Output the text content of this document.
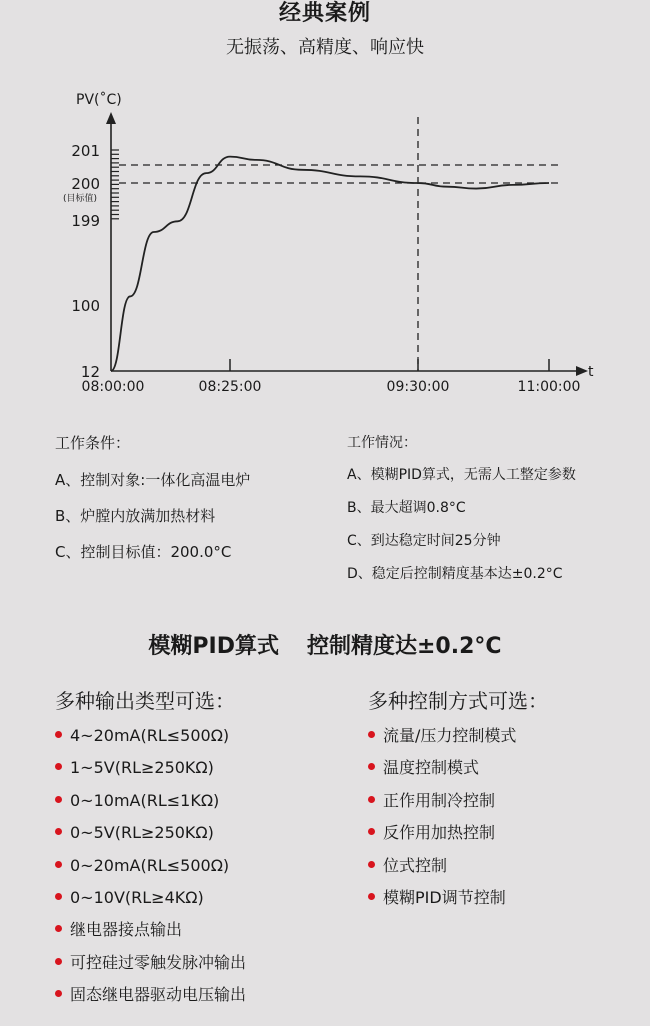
经典案例
无振荡、高精度、响应快
PV(˚C)
t
201
200
199
100
12
(目标值)
08:00:00	08:25:00	09:30:00	11:00:00
工作条件：
A、控制对象:一体化高温电炉
B、炉膛内放满加热材料
C、控制目标值：200.0°C
工作情况：
A、模糊PID算式，无需人工整定参数
B、最大超调0.8°C
C、到达稳定时间25分钟
D、稳定后控制精度基本达±0.2°C
模糊PID算式 控制精度达±0.2°C
多种输出类型可选：
4~20mA(RL≤500Ω)
1~5V(RL≥250KΩ)
0~10mA(RL≤1KΩ)
0~5V(RL≥250KΩ)
0~20mA(RL≤500Ω)
0~10V(RL≥4KΩ)
继电器接点输出
可控硅过零触发脉冲输出
固态继电器驱动电压输出
多种控制方式可选：
流量/压力控制模式
温度控制模式
正作用制冷控制
反作用加热控制
位式控制
模糊PID调节控制
